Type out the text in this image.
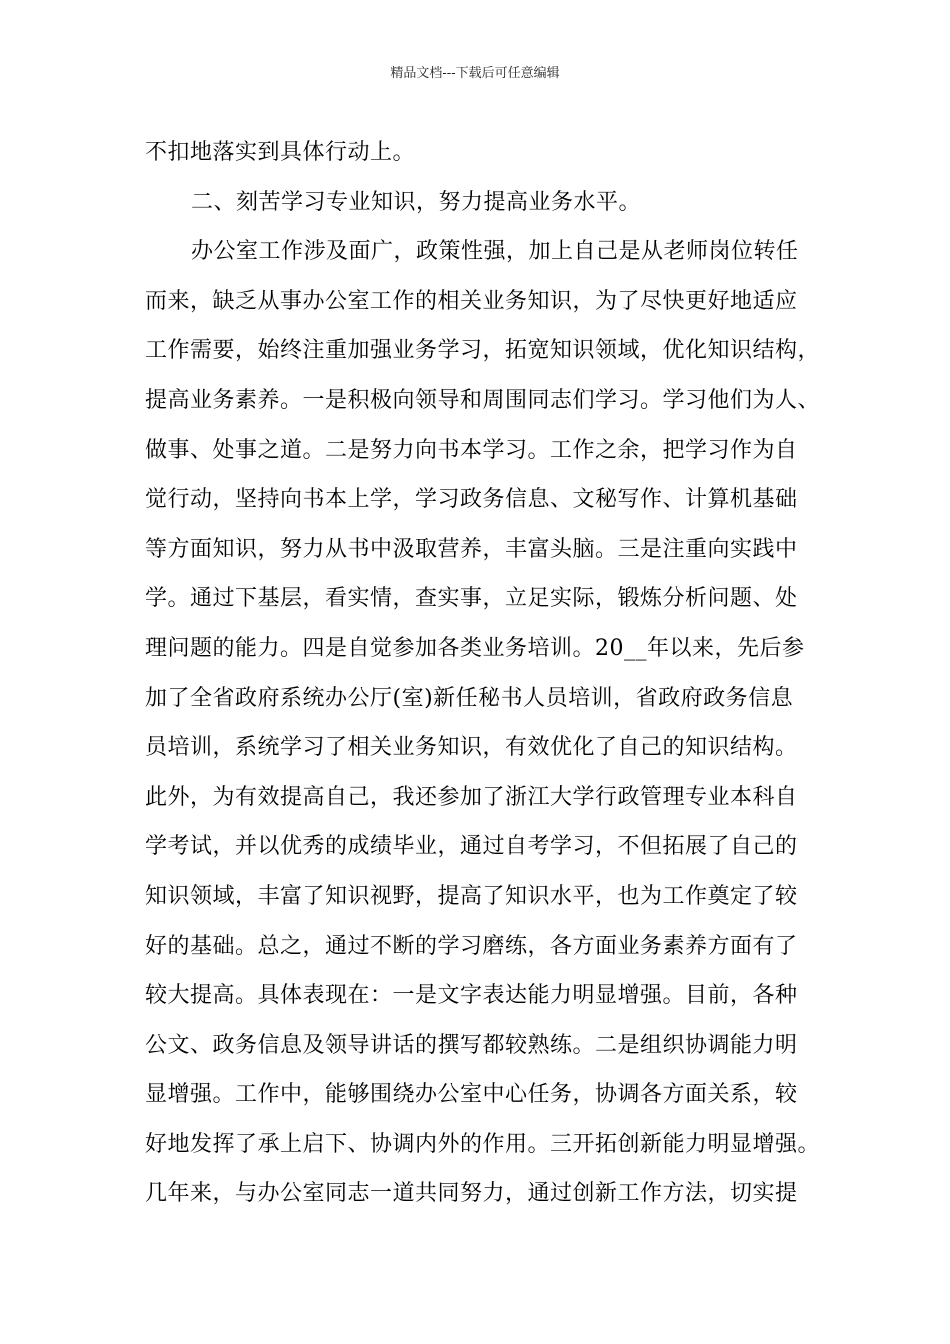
精品文档---下载后可任意编辑
不扣地落实到具体行动上。
二、刻苦学习专业知识，努力提高业务水平。
办公室工作涉及面广，政策性强，加上自己是从老师岗位转任
而来，缺乏从事办公室工作的相关业务知识，为了尽快更好地适应
工作需要，始终注重加强业务学习，拓宽知识领域，优化知识结构，
提高业务素养。一是积极向领导和周围同志们学习。学习他们为人、
做事、处事之道。二是努力向书本学习。工作之余，把学习作为自
觉行动，坚持向书本上学，学习政务信息、文秘写作、计算机基础
等方面知识，努力从书中汲取营养，丰富头脑。三是注重向实践中
学。通过下基层，看实情，查实事，立足实际，锻炼分析问题、处
理问题的能力。四是自觉参加各类业务培训。20__年以来，先后参
加了全省政府系统办公厅(室)新任秘书人员培训，省政府政务信息
员培训，系统学习了相关业务知识，有效优化了自己的知识结构。
此外，为有效提高自己，我还参加了浙江大学行政管理专业本科自
学考试，并以优秀的成绩毕业，通过自考学习，不但拓展了自己的
知识领域，丰富了知识视野，提高了知识水平，也为工作奠定了较
好的基础。总之，通过不断的学习磨练，各方面业务素养方面有了
较大提高。具体表现在：一是文字表达能力明显增强。目前，各种
公文、政务信息及领导讲话的撰写都较熟练。二是组织协调能力明
显增强。工作中，能够围绕办公室中心任务，协调各方面关系，较
好地发挥了承上启下、协调内外的作用。三开拓创新能力明显增强。
几年来，与办公室同志一道共同努力，通过创新工作方法，切实提
